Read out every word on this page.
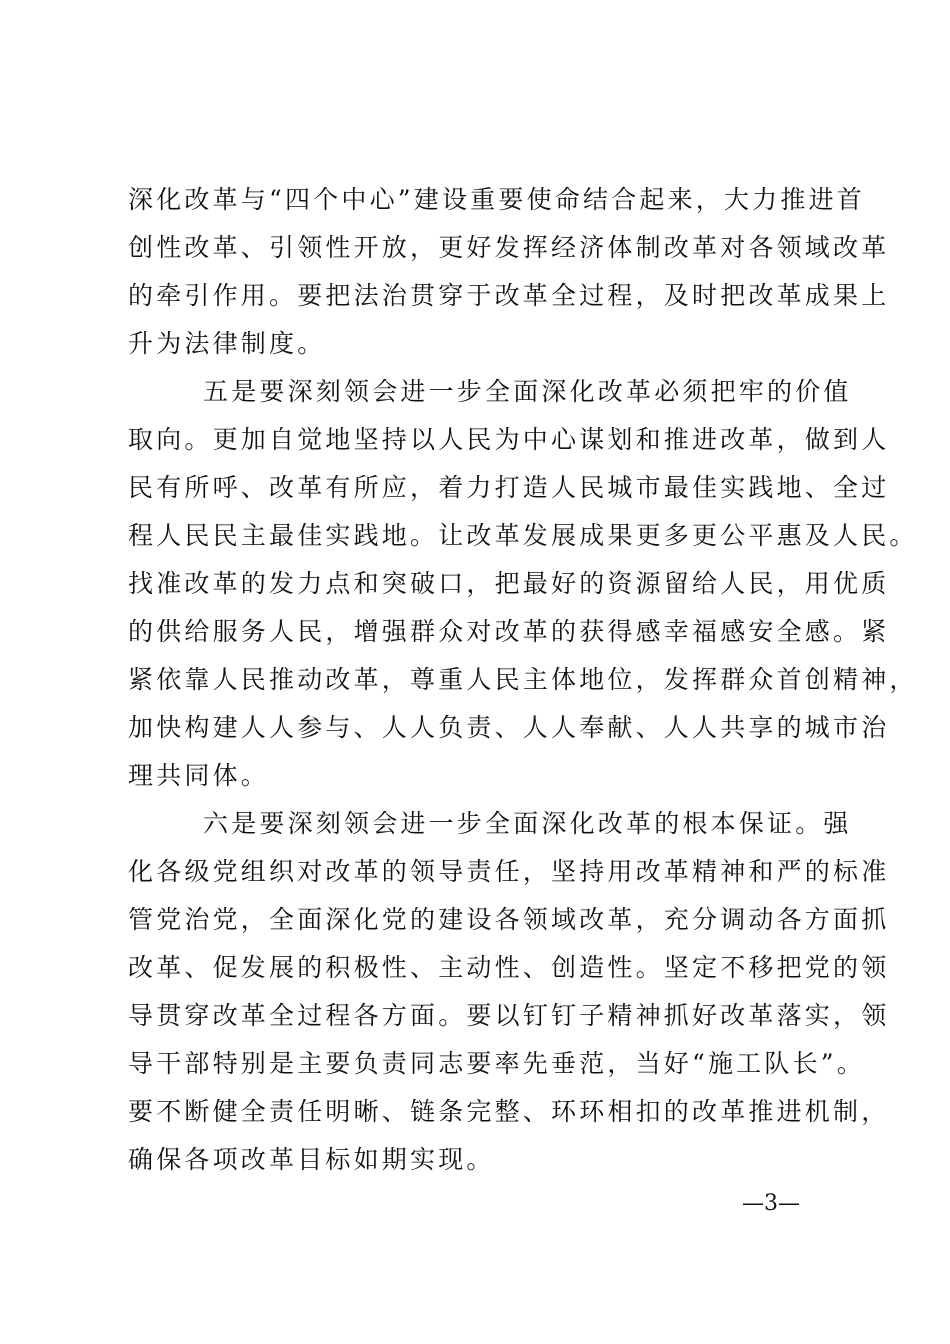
深化改革与“四个中心”建设重要使命结合起来，大力推进首
创性改革、引领性开放，更好发挥经济体制改革对各领域改革
的牵引作用。要把法治贯穿于改革全过程，及时把改革成果上
升为法律制度。
五是要深刻领会进一步全面深化改革必须把牢的价值
取向。更加自觉地坚持以人民为中心谋划和推进改革，做到人
民有所呼、改革有所应，着力打造人民城市最佳实践地、全过
程人民民主最佳实践地。让改革发展成果更多更公平惠及人民。
找准改革的发力点和突破口，把最好的资源留给人民，用优质
的供给服务人民，增强群众对改革的获得感幸福感安全感。紧
紧依靠人民推动改革，尊重人民主体地位，发挥群众首创精神，
加快构建人人参与、人人负责、人人奉献、人人共享的城市治
理共同体。
六是要深刻领会进一步全面深化改革的根本保证。强
化各级党组织对改革的领导责任，坚持用改革精神和严的标准
管党治党，全面深化党的建设各领域改革，充分调动各方面抓
改革、促发展的积极性、主动性、创造性。坚定不移把党的领
导贯穿改革全过程各方面。要以钉钉子精神抓好改革落实，领
导干部特别是主要负责同志要率先垂范，当好“施工队长”。
要不断健全责任明晰、链条完整、环环相扣的改革推进机制，
确保各项改革目标如期实现。
—3—
